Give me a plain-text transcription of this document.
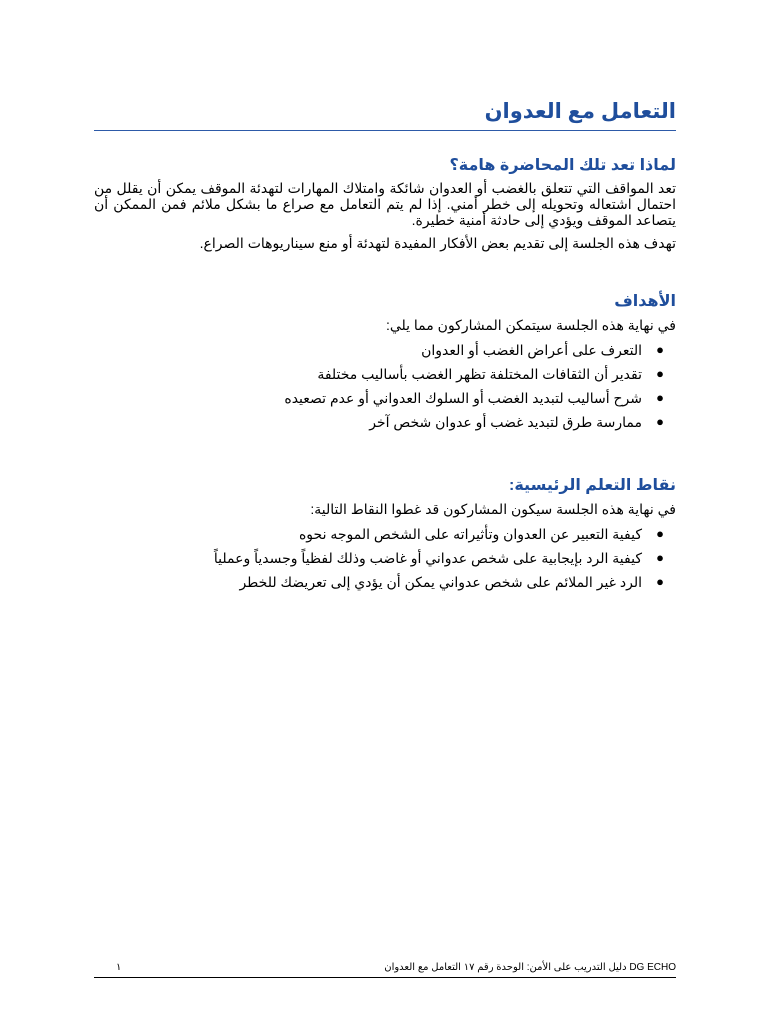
التعامل مع العدوان
لماذا تعد تلك المحاضرة هامة؟

تعد المواقف التي تتعلق بالغضب أو العدوان شائكة وامتلاك المهارات لتهدئة الموقف يمكن أن يقلل من احتمال اشتعاله وتحويله إلى خطر أمني. إذا لم يتم التعامل مع صراع ما بشكل ملائم فمن الممكن أن يتصاعد الموقف ويؤدي إلى حادثة أمنية خطيرة.

تهدف هذه الجلسة إلى تقديم بعض الأفكار المفيدة لتهدئة أو منع سيناريوهات الصراع.

الأهداف

في نهاية هذه الجلسة سيتمكن المشاركون مما يلي:

●
التعرف على أعراض الغضب أو العدوان
●
تقدير أن الثقافات المختلفة تظهر الغضب بأساليب مختلفة
●
شرح أساليب لتبديد الغضب أو السلوك العدواني أو عدم تصعيده
●
ممارسة طرق لتبديد غضب أو عدوان شخص آخر
نقاط التعلم الرئيسية:

في نهاية هذه الجلسة سيكون المشاركون قد غطوا النقاط التالية:

●
كيفية التعبير عن العدوان وتأثيراته على الشخص الموجه نحوه
●
كيفية الرد بإيجابية على شخص عدواني أو غاضب وذلك لفظياً وجسدياً وعملياً
●
الرد غير الملائم على شخص عدواني يمكن أن يؤدي إلى تعريضك للخطر
DG ECHO دليل التدريب على الأمن: الوحدة رقم ١٧ التعامل مع العدوان
١
